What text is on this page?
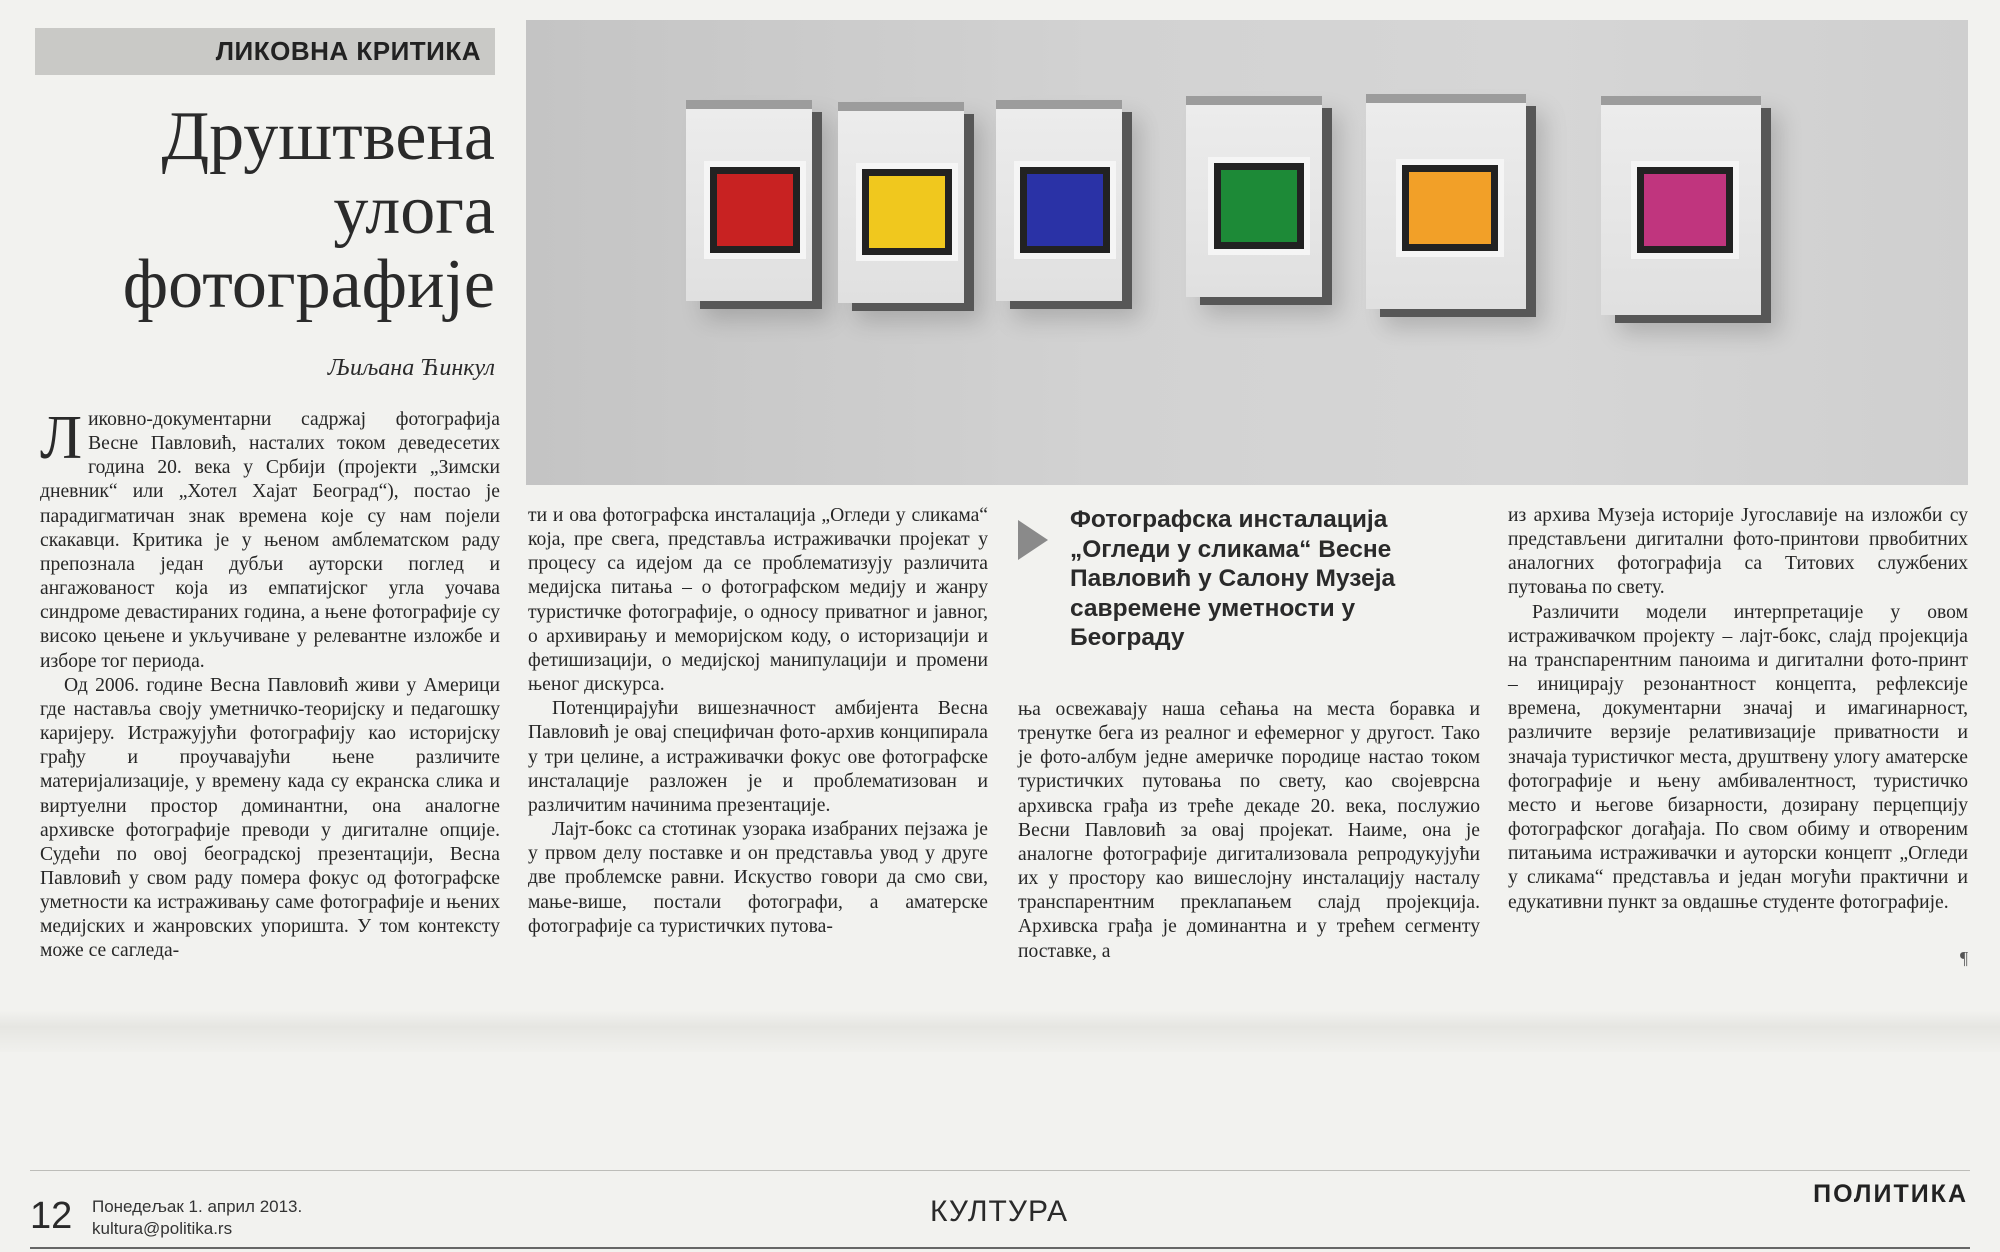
ЛИКОВНА КРИТИКА
Друштвена улога фотографије
Љиљана Ћинкул
Фотографска инсталација „Огледи у сликама“ Весне Павловић у Салону Музеја савремене уметности у Београду

Ликовно-документарни садржај фотографија Весне Павловић, насталих током деведесетих година 20. века у Србији (пројекти „Зимски дневник“ или „Хотел Хајат Београд“), постао је парадигматичан знак времена које су нам појели скакавци. Критика је у њеном амблематском раду препознала један дубљи ауторски поглед и ангажованост која из емпатијског угла уочава синдроме девастираних година, а њене фотографије су високо цењене и укључиване у релевантне изложбе и изборе тог периода.

Од 2006. године Весна Павловић живи у Америци где наставља своју уметничко-теоријску и педагошку каријеру. Истражујући фотографију као историјску грађу и проучавајући њене различите материјализације, у времену када су екранска слика и виртуелни простор доминантни, она аналогне архивске фотографије преводи у дигиталне опције. Судећи по овој београдској презентацији, Весна Павловић у свом раду помера фокус од фотографске уметности ка истраживању саме фотографије и њених медијских и жанровских упоришта. У том контексту може се сагледа-

ти и ова фотографска инсталација „Огледи у сликама“ која, пре свега, представља истраживачки пројекат у процесу са идејом да се проблематизују различита медијска питања – о фотографском медију и жанру туристичке фотографије, о односу приватног и јавног, о архивирању и меморијском коду, о историзацији и фетишизацији, о медијској манипулацији и промени њеног дискурса.

Потенцирајући вишезначност амбијента Весна Павловић је овај специфичан фото-архив конципирала у три целине, а истраживачки фокус ове фотографске инсталације разложен је и проблематизован и различитим начинима презентације.

Лајт-бокс са стотинак узорака изабраних пејзажа је у првом делу поставке и он представља увод у друге две проблемске равни. Искуство говори да смо сви, мање-више, постали фотографи, а аматерске фотографије са туристичких путова-

ња освежавају наша сећања на места боравка и тренутке бега из реалног и ефемерног у другост. Тако је фото-албум једне америчке породице настао током туристичких путовања по свету, као својеврсна архивска грађа из треће декаде 20. века, послужио Весни Павловић за овај пројекат. Наиме, она је аналогне фотографије дигитализовала репродукујући их у простору као вишеслојну инсталацију насталу транспарентним преклапањем слајд пројекција. Архивска грађа је доминантна и у трећем сегменту поставке, а

из архива Музеја историје Југославије на изложби су представљени дигитални фото-принтови првобитних аналогних фотографија са Титових службених путовања по свету.

Различити модели интерпретације у овом истраживачком пројекту – лајт-бокс, слајд пројекција на транспарентним панoима и дигитални фото-принт – иницирају резонантност концепта, рефлексије времена, документарни значај и имагинарност, различите верзије релативизације приватности и значаја туристичког места, друштвену улогу аматерске фотографије и њену амбивалентност, туристичко место и његове бизарности, дозирану перцепцију фотографског догађаја. По свом обиму и отвореним питањима истраживачки и ауторски концепт „Огледи у сликама“ представља и један могући практични и едукативни пункт за овдашње студенте фотографије.

¶
12 Понедељак 1. април 2013.
kultura@politika.rs
КУЛТУРА
ПОЛИТИКА
